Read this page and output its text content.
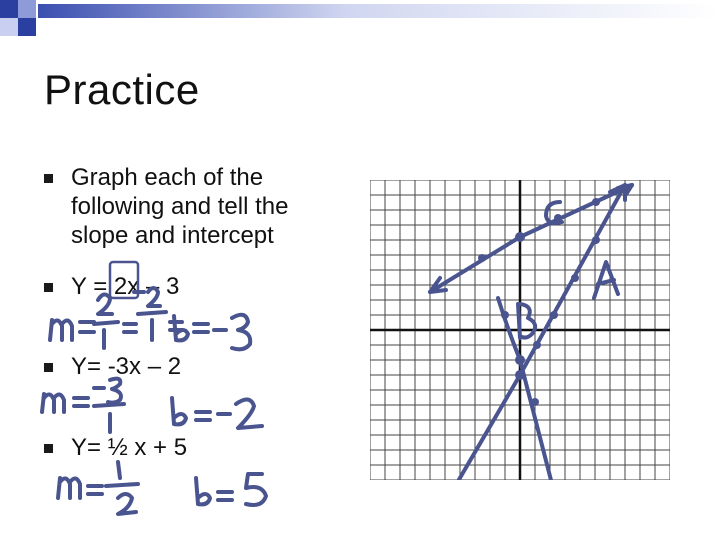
Practice
Graph each of the
following and tell the
slope and intercept
Y = 2x – 3
Y= -3x – 2
Y= ½ x + 5
